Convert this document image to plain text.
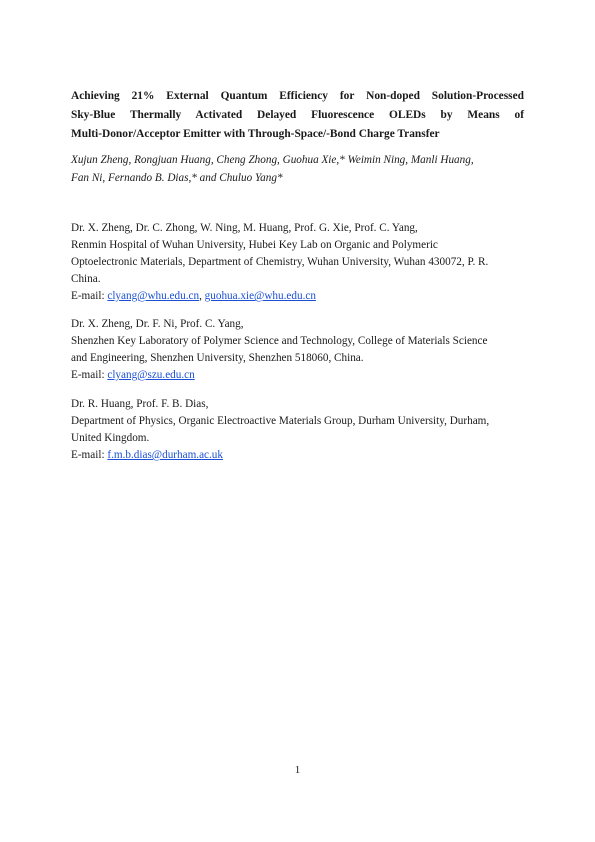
Achieving 21% External Quantum Efficiency for Non-doped Solution-Processed
Sky-Blue Thermally Activated Delayed Fluorescence OLEDs by Means of
Multi-Donor/Acceptor Emitter with Through-Space/-Bond Charge Transfer

Xujun Zheng, Rongjuan Huang, Cheng Zhong, Guohua Xie,* Weimin Ning, Manli Huang,
Fan Ni, Fernando B. Dias,* and Chuluo Yang*

Dr. X. Zheng, Dr. C. Zhong, W. Ning, M. Huang, Prof. G. Xie, Prof. C. Yang,
Renmin Hospital of Wuhan University, Hubei Key Lab on Organic and Polymeric
Optoelectronic Materials, Department of Chemistry, Wuhan University, Wuhan 430072, P. R.
China.
E-mail: clyang@whu.edu.cn, guohua.xie@whu.edu.cn
Dr. X. Zheng, Dr. F. Ni, Prof. C. Yang,
Shenzhen Key Laboratory of Polymer Science and Technology, College of Materials Science
and Engineering, Shenzhen University, Shenzhen 518060, China.
E-mail: clyang@szu.edu.cn
Dr. R. Huang, Prof. F. B. Dias,
Department of Physics, Organic Electroactive Materials Group, Durham University, Durham,
United Kingdom.
E-mail: f.m.b.dias@durham.ac.uk
1
